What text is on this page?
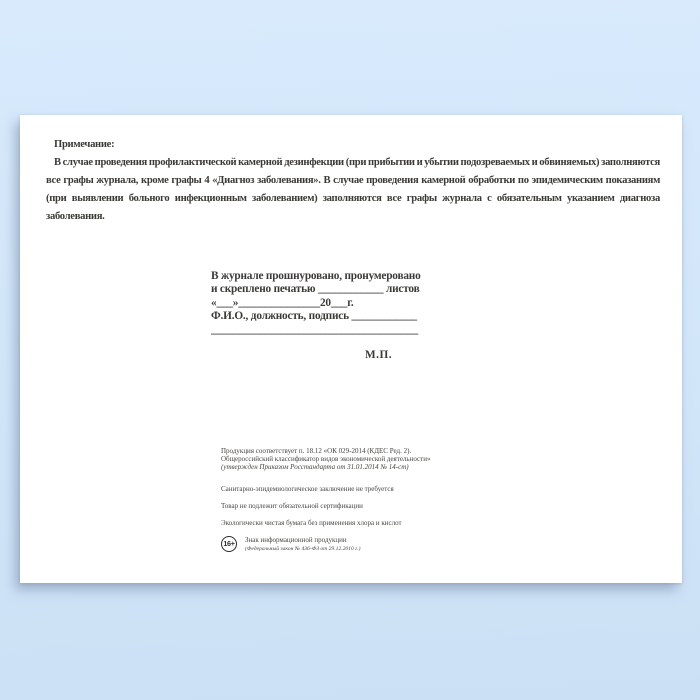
Примечание:

В случае проведения профилактической камерной дезинфекции (при прибытии и убытии подозреваемых и обвиняемых) заполняются все графы журнала, кроме графы 4 «Диагноз заболевания». В случае проведения камерной обработки по эпидемическим показаниям (при выявлении больного инфекционным заболеванием) заполняются все графы журнала с обязательным указанием диагноза заболевания.

В журнале прошнуровано, пронумеровано
и скреплено печатью ____________ листов
«___»_______________20___г.
Ф.И.О., должность, подпись ____________
______________________________________
М.П.
Продукция соответствует п. 18.12 «ОК 029-2014 (КДЕС Ред. 2).
Общероссийский классификатор видов экономической деятельности»
(утвержден Приказом Росстандарта от 31.01.2014 № 14-ст)
Санитарно-эпидемиологическое заключение не требуется
Товар не подлежит обязательной сертификации
Экологически чистая бумага без применения хлора и кислот
16+	Знак информационной продукции
(Федеральный закон № 436-ФЗ от 29.12.2010 г.)
